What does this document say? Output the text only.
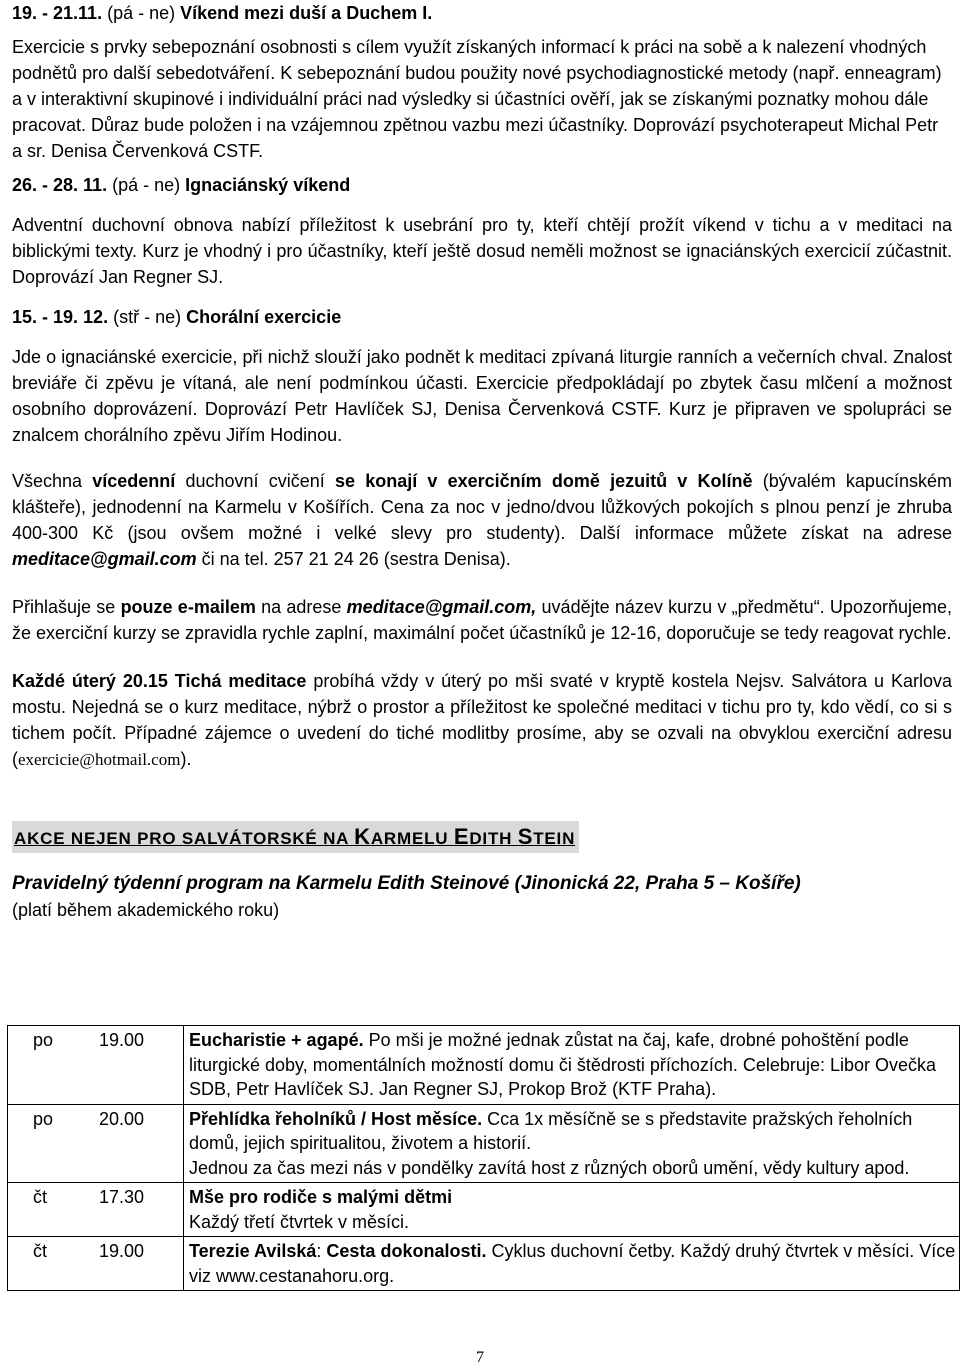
19. - 21.11. (pá - ne) Víkend mezi duší a Duchem I.

Exercicie s prvky sebepoznání osobnosti s cílem využít získaných informací k práci na sobě a k nalezení vhodných podnětů pro další sebedotváření. K sebepoznání budou použity nové psychodiagnostické metody (např. enneagram) a v interaktivní skupinové i individuální práci nad výsledky si účastníci ověří, jak se získanými poznatky mohou dále pracovat. Důraz bude položen i na vzájemnou zpětnou vazbu mezi účastníky. Doprovází psychoterapeut Michal Petr a sr. Denisa Červenková CSTF.

26. - 28. 11. (pá - ne) Ignaciánský víkend

Adventní duchovní obnova nabízí příležitost k usebrání pro ty, kteří chtějí prožít víkend v tichu a v meditaci na biblickými texty. Kurz je vhodný i pro účastníky, kteří ještě dosud neměli možnost se ignaciánských exercicií zúčastnit. Doprovází Jan Regner SJ.

15. - 19. 12. (stř - ne) Chorální exercicie

Jde o ignaciánské exercicie, při nichž slouží jako podnět k meditaci zpívaná liturgie ranních a večerních chval. Znalost breviáře či zpěvu je vítaná, ale není podmínkou účasti. Exercicie předpokládají po zbytek času mlčení a možnost osobního doprovázení. Doprovází Petr Havlíček SJ, Denisa Červenková CSTF. Kurz je připraven ve spolupráci se znalcem chorálního zpěvu Jiřím Hodinou.

Všechna vícedenní duchovní cvičení se konají v exercičním domě jezuitů v Kolíně (bývalém kapucínském klášteře), jednodenní na Karmelu v Košířích. Cena za noc v jedno/dvou lůžkových pokojích s plnou penzí je zhruba 400-300 Kč (jsou ovšem možné i velké slevy pro studenty). Další informace můžete získat na adrese meditace@gmail.com či na tel. 257 21 24 26 (sestra Denisa).

Přihlašuje se pouze e-mailem na adrese meditace@gmail.com, uvádějte název kurzu v „předmětu“. Upozorňujeme, že exerciční kurzy se zpravidla rychle zaplní, maximální počet účastníků je 12-16, doporučuje se tedy reagovat rychle.

Každé úterý 20.15 Tichá meditace probíhá vždy v úterý po mši svaté v kryptě kostela Nejsv. Salvátora u Karlova mostu. Nejedná se o kurz meditace, nýbrž o prostor a příležitost ke společné meditaci v tichu pro ty, kdo vědí, co si s tichem počít. Případné zájemce o uvedení do tiché modlitby prosíme, aby se ozvali na obvyklou exerciční adresu (exercicie@hotmail.com).

AKCE NEJEN PRO SALVÁTORSKÉ NA KARMELU EDITH STEIN

Pravidelný týdenní program na Karmelu Edith Steinové (Jinonická 22, Praha 5 – Košíře)

(platí během akademického roku)

po	19.00	Eucharistie + agapé. Po mši je možné jednak zůstat na čaj, kafe, drobné pohoštění podle liturgické doby, momentálních možností domu či štědrosti příchozích. Celebruje: Libor Ovečka SDB, Petr Havlíček SJ. Jan Regner SJ, Prokop Brož (KTF Praha).
po	20.00	Přehlídka řeholníků / Host měsíce. Cca 1x měsíčně se s představite pražských řeholních domů, jejich spiritualitou, životem a historií.
Jednou za čas mezi nás v pondělky zavítá host z různých oborů umění, vědy kultury apod.
čt	17.30	Mše pro rodiče s malými dětmi
Každý třetí čtvrtek v měsíci.
čt	19.00	Terezie Avilská: Cesta dokonalosti. Cyklus duchovní četby. Každý druhý čtvrtek v měsíci. Více viz www.cestanahoru.org.
7
